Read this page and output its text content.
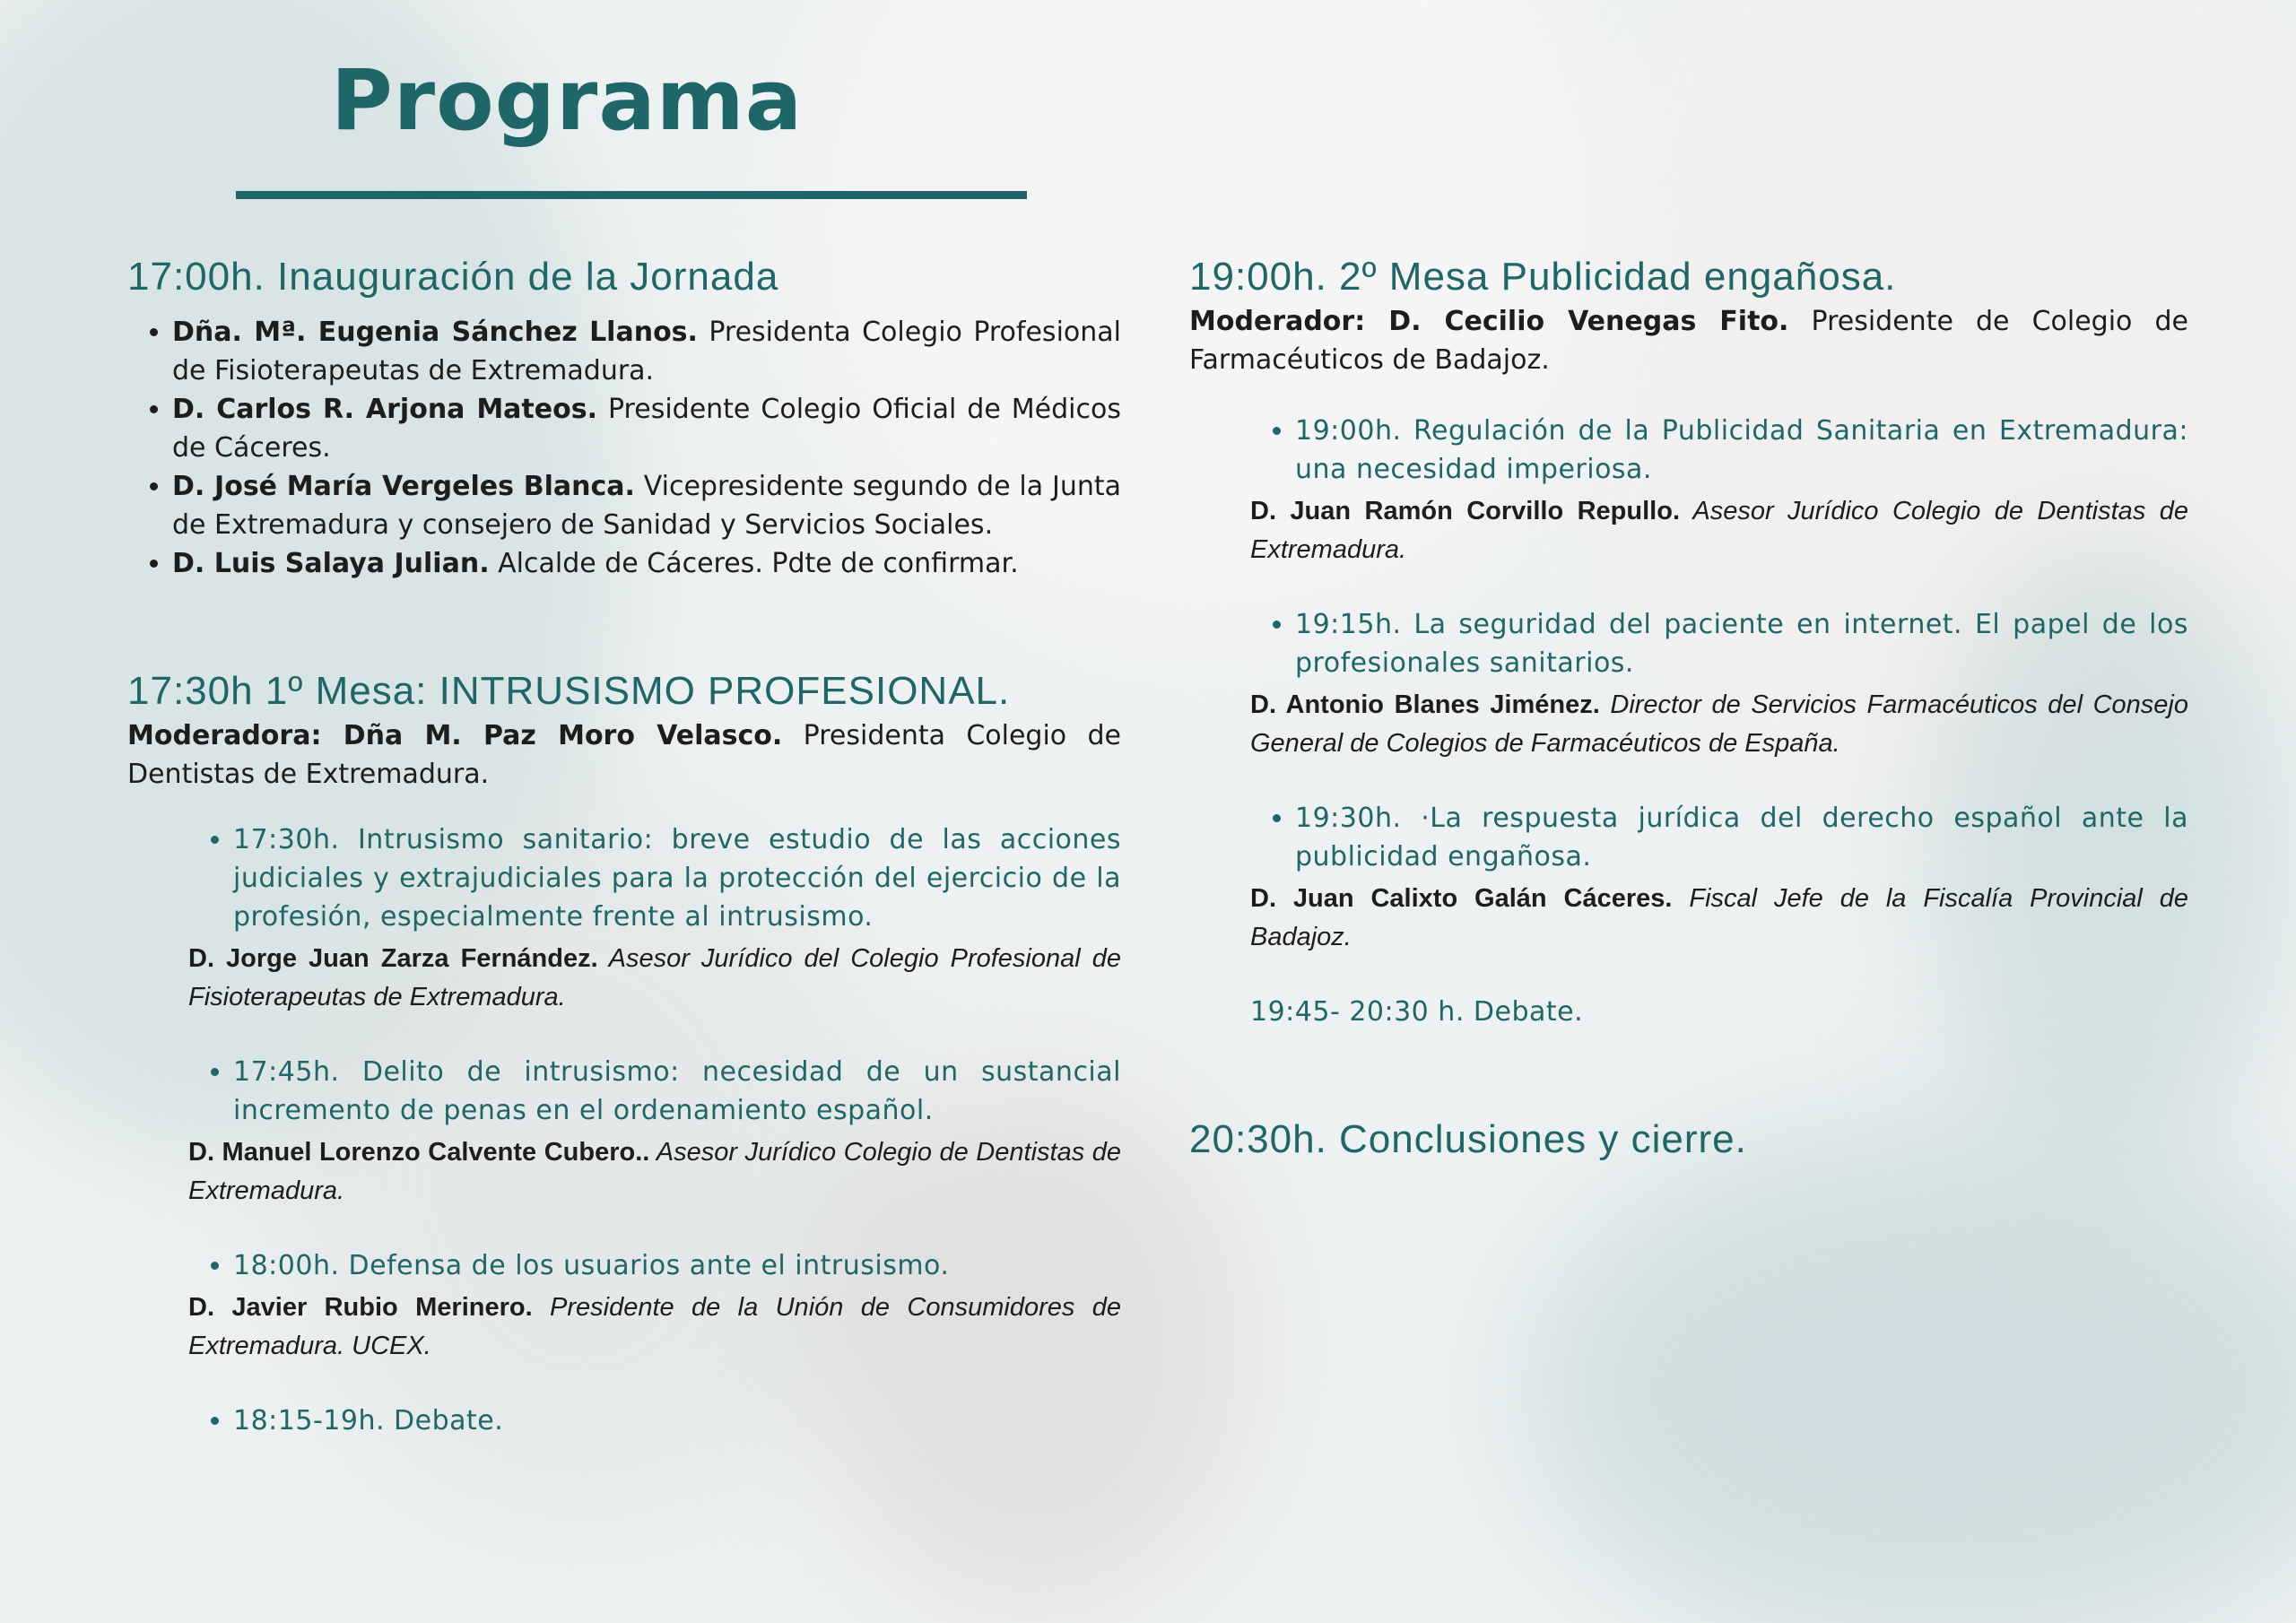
Programa
17:00h. Inauguración de la Jornada
• Dña. Mª. Eugenia Sánchez Llanos. Presidenta Colegio Profesional de Fisioterapeutas de Extremadura.
• D. Carlos R. Arjona Mateos. Presidente Colegio Oficial de Médicos de Cáceres.
• D. José María Vergeles Blanca. Vicepresidente segundo de la Junta de Extremadura y consejero de Sanidad y Servicios Sociales.
• D. Luis Salaya Julian. Alcalde de Cáceres. Pdte de confirmar.
17:30h 1º Mesa: INTRUSISMO PROFESIONAL.

Moderadora: Dña M. Paz Moro Velasco. Presidenta Colegio de Dentistas de Extremadura.

• 17:30h. Intrusismo sanitario: breve estudio de las acciones judiciales y extrajudiciales para la protección del ejercicio de la profesión, especialmente frente al intrusismo.

D. Jorge Juan Zarza Fernández. Asesor Jurídico del Colegio Profesional de Fisioterapeutas de Extremadura.

• 17:45h. Delito de intrusismo: necesidad de un sustancial incremento de penas en el ordenamiento español.

D. Manuel Lorenzo Calvente Cubero.. Asesor Jurídico Colegio de Dentistas de Extremadura.

• 18:00h. Defensa de los usuarios ante el intrusismo.

D. Javier Rubio Merinero. Presidente de la Unión de Consumidores de Extremadura. UCEX.

• 18:15-19h. Debate.
19:00h. 2º Mesa Publicidad engañosa.

Moderador: D. Cecilio Venegas Fito. Presidente de Colegio de Farmacéuticos de Badajoz.

• 19:00h. Regulación de la Publicidad Sanitaria en Extremadura: una necesidad imperiosa.

D. Juan Ramón Corvillo Repullo. Asesor Jurídico Colegio de Dentistas de Extremadura.

• 19:15h. La seguridad del paciente en internet. El papel de los profesionales sanitarios.

D. Antonio Blanes Jiménez. Director de Servicios Farmacéuticos del Consejo General de Colegios de Farmacéuticos de España.

• 19:30h. ·La respuesta jurídica del derecho español ante la publicidad engañosa.

D. Juan Calixto Galán Cáceres. Fiscal Jefe de la Fiscalía Provincial de Badajoz.

19:45- 20:30 h. Debate.

20:30h. Conclusiones y cierre.
